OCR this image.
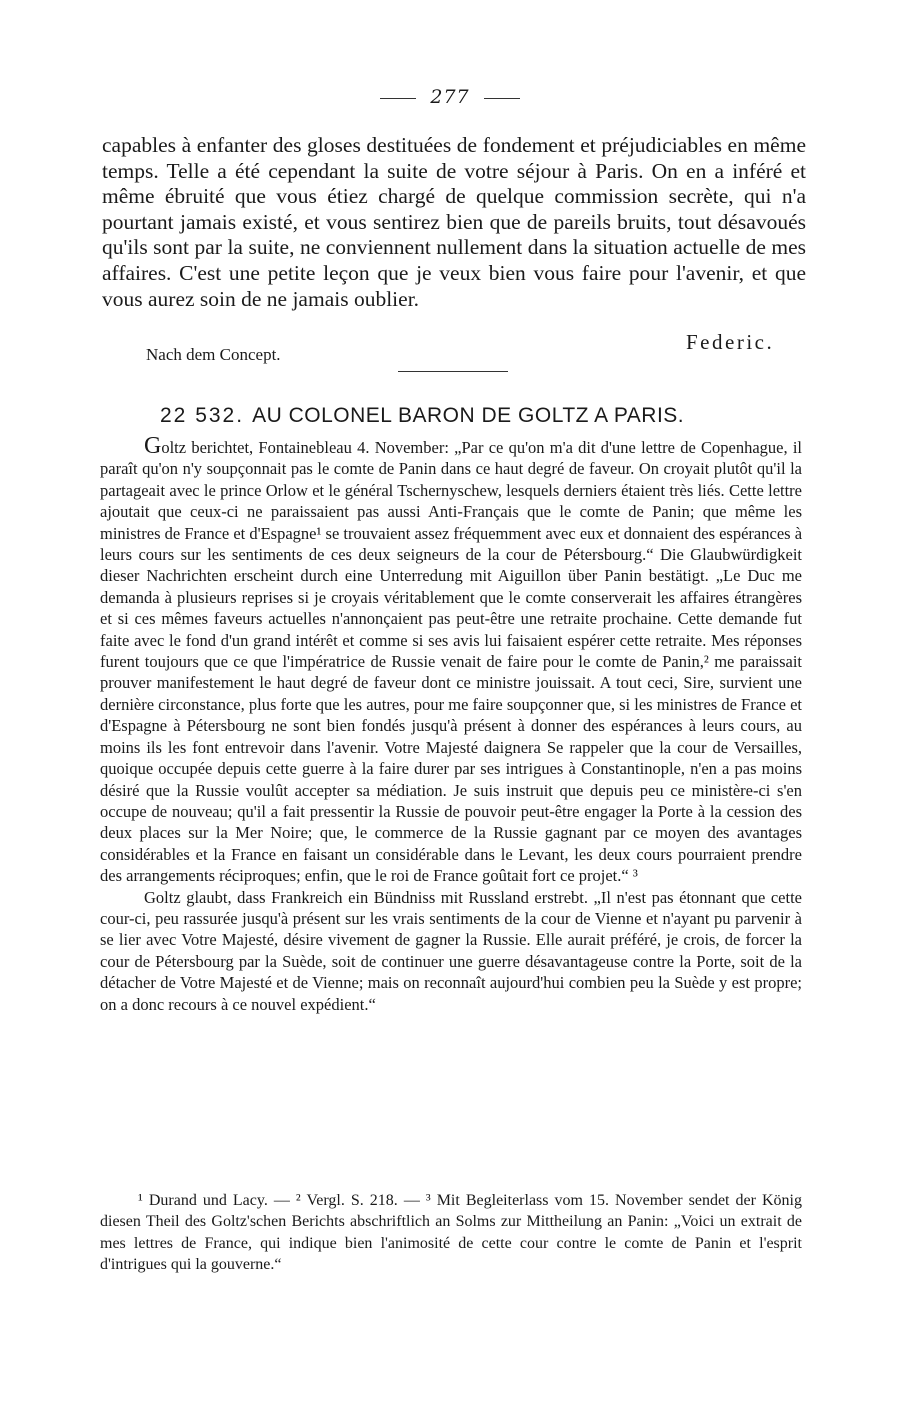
277
capables à enfanter des gloses destituées de fondement et préjudiciables en même temps. Telle a été cependant la suite de votre séjour à Paris. On en a inféré et même ébruité que vous étiez chargé de quelque commission secrète, qui n'a pourtant jamais existé, et vous sentirez bien que de pareils bruits, tout désavoués qu'ils sont par la suite, ne conviennent nullement dans la situation actuelle de mes affaires. C'est une petite leçon que je veux bien vous faire pour l'avenir, et que vous aurez soin de ne jamais oublier.
Federic.
Nach dem Concept.
22 532. AU COLONEL BARON DE GOLTZ A PARIS.

Goltz berichtet, Fontainebleau 4. November: „Par ce qu'on m'a dit d'une lettre de Copenhague, il paraît qu'on n'y soupçonnait pas le comte de Panin dans ce haut degré de faveur. On croyait plutôt qu'il la partageait avec le prince Orlow et le général Tschernyschew, lesquels derniers étaient très liés. Cette lettre ajoutait que ceux-ci ne paraissaient pas aussi Anti-Français que le comte de Panin; que même les ministres de France et d'Espagne¹ se trouvaient assez fréquemment avec eux et donnaient des espérances à leurs cours sur les sentiments de ces deux seigneurs de la cour de Pétersbourg.“ Die Glaubwürdigkeit dieser Nachrichten erscheint durch eine Unterredung mit Aiguillon über Panin bestätigt. „Le Duc me demanda à plusieurs reprises si je croyais véritablement que le comte conserverait les affaires étrangères et si ces mêmes faveurs actuelles n'annonçaient pas peut-être une retraite prochaine. Cette demande fut faite avec le fond d'un grand intérêt et comme si ses avis lui faisaient espérer cette retraite. Mes réponses furent toujours que ce que l'impératrice de Russie venait de faire pour le comte de Panin,² me paraissait prouver manifestement le haut degré de faveur dont ce ministre jouissait. A tout ceci, Sire, survient une dernière circonstance, plus forte que les autres, pour me faire soupçonner que, si les ministres de France et d'Espagne à Pétersbourg ne sont bien fondés jusqu'à présent à donner des espérances à leurs cours, au moins ils les font entrevoir dans l'avenir. Votre Majesté daignera Se rappeler que la cour de Versailles, quoique occupée depuis cette guerre à la faire durer par ses intrigues à Constantinople, n'en a pas moins désiré que la Russie voulût accepter sa médiation. Je suis instruit que depuis peu ce ministère-ci s'en occupe de nouveau; qu'il a fait pressentir la Russie de pouvoir peut-être engager la Porte à la cession des deux places sur la Mer Noire; que, le commerce de la Russie gagnant par ce moyen des avantages considérables et la France en faisant un considérable dans le Levant, les deux cours pourraient prendre des arrangements réciproques; enfin, que le roi de France goûtait fort ce projet.“ ³

Goltz glaubt, dass Frankreich ein Bündniss mit Russland erstrebt. „Il n'est pas étonnant que cette cour-ci, peu rassurée jusqu'à présent sur les vrais sentiments de la cour de Vienne et n'ayant pu parvenir à se lier avec Votre Majesté, désire vivement de gagner la Russie. Elle aurait préféré, je crois, de forcer la cour de Pétersbourg par la Suède, soit de continuer une guerre désavantageuse contre la Porte, soit de la détacher de Votre Majesté et de Vienne; mais on reconnaît aujourd'hui combien peu la Suède y est propre; on a donc recours à ce nouvel expédient.“

¹ Durand und Lacy. — ² Vergl. S. 218. — ³ Mit Begleiterlass vom 15. November sendet der König diesen Theil des Goltz'schen Berichts abschriftlich an Solms zur Mittheilung an Panin: „Voici un extrait de mes lettres de France, qui indique bien l'animosité de cette cour contre le comte de Panin et l'esprit d'intrigues qui la gouverne.“
